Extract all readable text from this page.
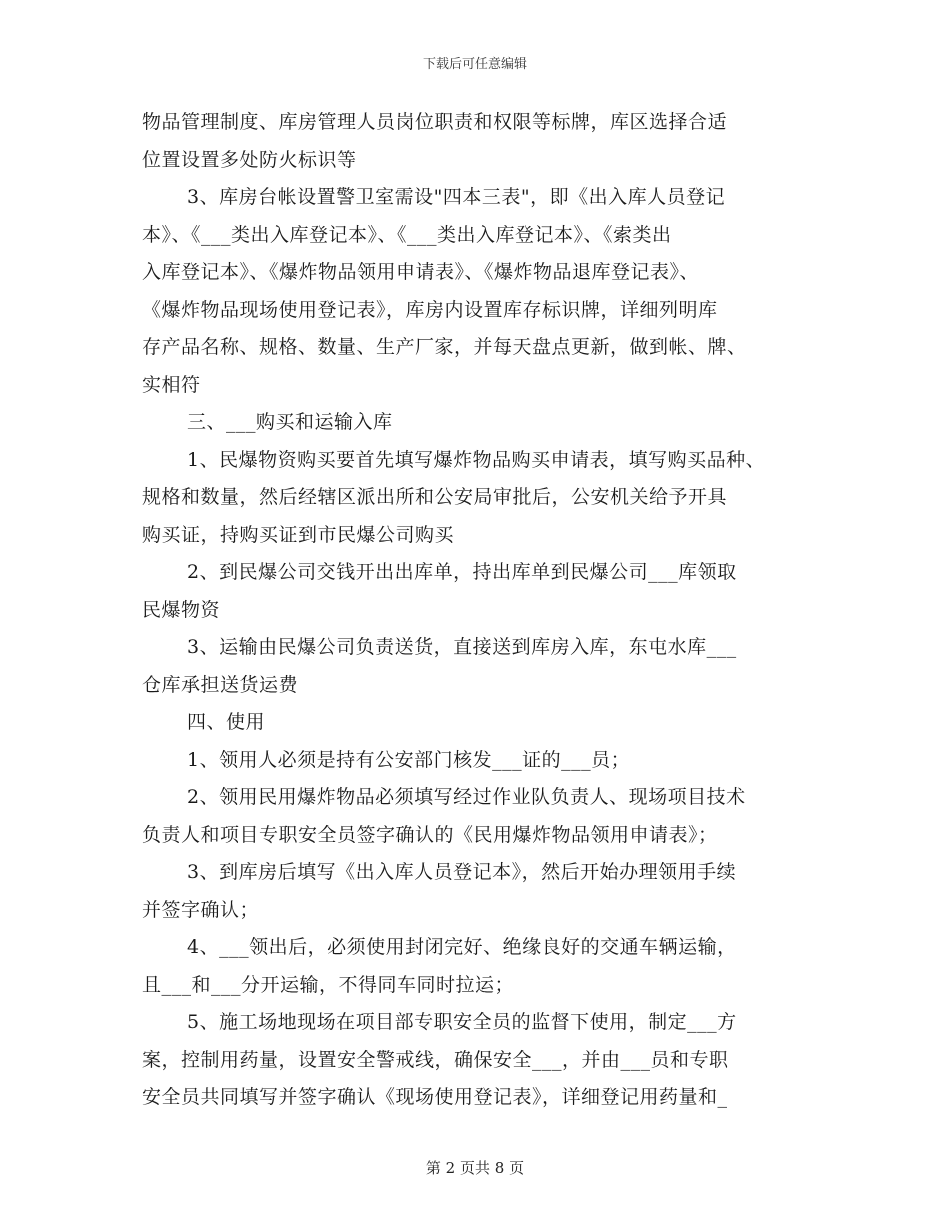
下载后可任意编辑

物品管理制度、库房管理人员岗位职责和权限等标牌，库区选择合适

位置设置多处防火标识等

3、库房台帐设置警卫室需设"四本三表"，即《出入库人员登记

本》、《___类出入库登记本》、《___类出入库登记本》、《索类出

入库登记本》、《爆炸物品领用申请表》、《爆炸物品退库登记表》、

《爆炸物品现场使用登记表》，库房内设置库存标识牌，详细列明库

存产品名称、规格、数量、生产厂家，并每天盘点更新，做到帐、牌、

实相符

三、___购买和运输入库

1、民爆物资购买要首先填写爆炸物品购买申请表，填写购买品种、

规格和数量，然后经辖区派出所和公安局审批后，公安机关给予开具

购买证，持购买证到市民爆公司购买

2、到民爆公司交钱开出出库单，持出库单到民爆公司___库领取

民爆物资

3、运输由民爆公司负责送货，直接送到库房入库，东屯水库___

仓库承担送货运费

四、使用

1、领用人必须是持有公安部门核发___证的___员；

2、领用民用爆炸物品必须填写经过作业队负责人、现场项目技术

负责人和项目专职安全员签字确认的《民用爆炸物品领用申请表》；

3、到库房后填写《出入库人员登记本》，然后开始办理领用手续

并签字确认；

4、___领出后，必须使用封闭完好、绝缘良好的交通车辆运输，

且___和___分开运输，不得同车同时拉运；

5、施工场地现场在项目部专职安全员的监督下使用，制定___方

案，控制用药量，设置安全警戒线，确保安全___，并由___员和专职

安全员共同填写并签字确认《现场使用登记表》，详细登记用药量和_

第 2 页共 8 页
